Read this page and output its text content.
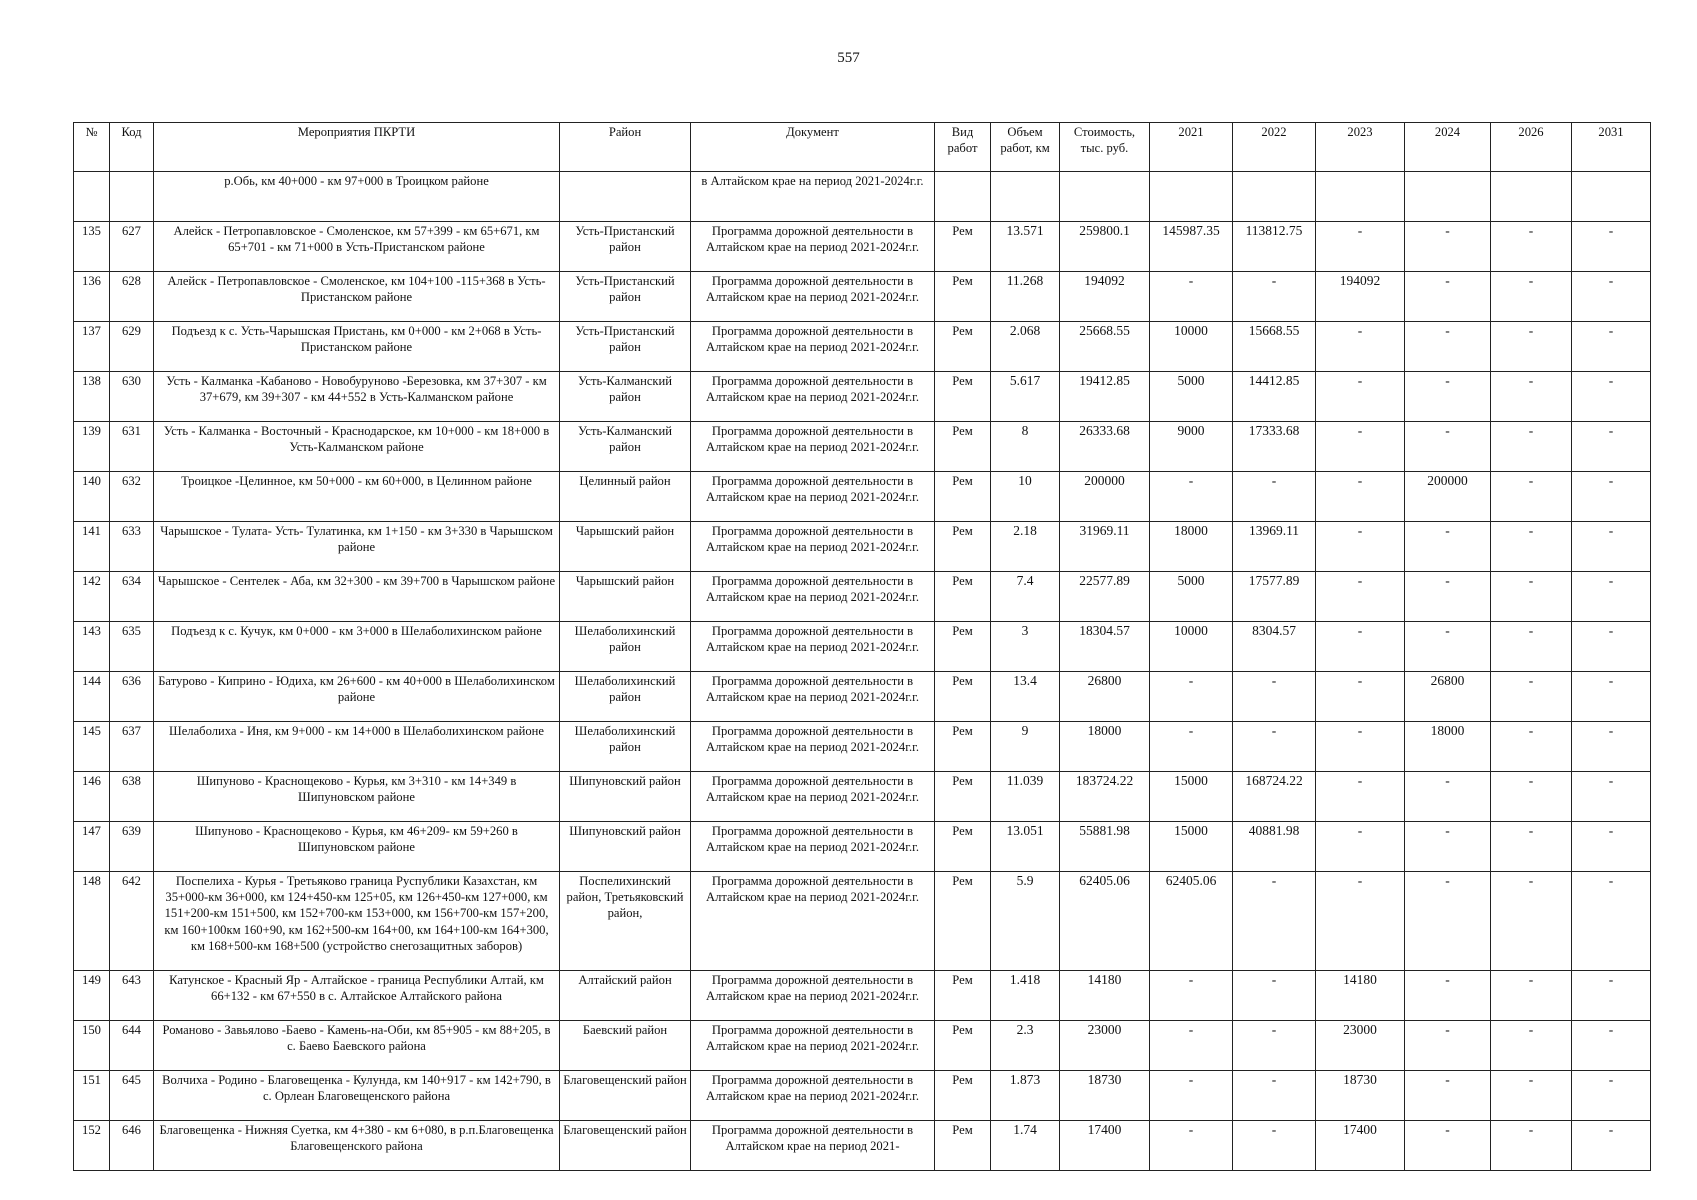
557
№	Код	Мероприятия ПКРТИ	Район	Документ	Вид работ	Объем работ, км	Стоимость, тыс. руб.	2021	2022	2023	2024	2026	2031
		р.Обь, км 40+000 - км 97+000 в Троицком районе		в Алтайском крае на период 2021-2024г.г.									
135	627	Алейск - Петропавловское - Смоленское, км 57+399 - км 65+671, км 65+701 - км 71+000 в Усть-Пристанском районе	Усть-Пристанский район	Программа дорожной деятельности в Алтайском крае на период 2021-2024г.г.	Рем	13.571	259800.1	145987.35	113812.75	-	-	-	-
136	628	Алейск - Петропавловское - Смоленское, км 104+100 -115+368 в Усть-Пристанском районе	Усть-Пристанский район	Программа дорожной деятельности в Алтайском крае на период 2021-2024г.г.	Рем	11.268	194092	-	-	194092	-	-	-
137	629	Подъезд к с. Усть-Чарышская Пристань, км 0+000 - км 2+068 в Усть-Пристанском районе	Усть-Пристанский район	Программа дорожной деятельности в Алтайском крае на период 2021-2024г.г.	Рем	2.068	25668.55	10000	15668.55	-	-	-	-
138	630	Усть - Калманка -Кабаново - Новобуруново -Березовка, км 37+307 - км 37+679, км 39+307 - км 44+552 в Усть-Калманском районе	Усть-Калманский район	Программа дорожной деятельности в Алтайском крае на период 2021-2024г.г.	Рем	5.617	19412.85	5000	14412.85	-	-	-	-
139	631	Усть - Калманка - Восточный - Краснодарское, км 10+000 - км 18+000 в Усть-Калманском районе	Усть-Калманский район	Программа дорожной деятельности в Алтайском крае на период 2021-2024г.г.	Рем	8	26333.68	9000	17333.68	-	-	-	-
140	632	Троицкое -Целинное, км 50+000 - км 60+000, в Целинном районе	Целинный район	Программа дорожной деятельности в Алтайском крае на период 2021-2024г.г.	Рем	10	200000	-	-	-	200000	-	-
141	633	Чарышское - Тулата- Усть- Тулатинка, км 1+150 - км 3+330 в Чарышском районе	Чарышский район	Программа дорожной деятельности в Алтайском крае на период 2021-2024г.г.	Рем	2.18	31969.11	18000	13969.11	-	-	-	-
142	634	Чарышское - Сентелек - Аба, км 32+300 - км 39+700 в Чарышском районе	Чарышский район	Программа дорожной деятельности в Алтайском крае на период 2021-2024г.г.	Рем	7.4	22577.89	5000	17577.89	-	-	-	-
143	635	Подъезд к с. Кучук, км 0+000 - км 3+000 в Шелаболихинском районе	Шелаболихинский район	Программа дорожной деятельности в Алтайском крае на период 2021-2024г.г.	Рем	3	18304.57	10000	8304.57	-	-	-	-
144	636	Батурово - Киприно - Юдиха, км 26+600 - км 40+000 в Шелаболихинском районе	Шелаболихинский район	Программа дорожной деятельности в Алтайском крае на период 2021-2024г.г.	Рем	13.4	26800	-	-	-	26800	-	-
145	637	Шелаболиха - Иня, км 9+000 - км 14+000 в Шелаболихинском районе	Шелаболихинский район	Программа дорожной деятельности в Алтайском крае на период 2021-2024г.г.	Рем	9	18000	-	-	-	18000	-	-
146	638	Шипуново - Краснощеково - Курья, км 3+310 - км 14+349 в Шипуновском районе	Шипуновский район	Программа дорожной деятельности в Алтайском крае на период 2021-2024г.г.	Рем	11.039	183724.22	15000	168724.22	-	-	-	-
147	639	Шипуново - Краснощеково - Курья, км 46+209- км 59+260 в Шипуновском районе	Шипуновский район	Программа дорожной деятельности в Алтайском крае на период 2021-2024г.г.	Рем	13.051	55881.98	15000	40881.98	-	-	-	-
148	642	Поспелиха - Курья - Третьяково граница Руспублики Казахстан, км 35+000-км 36+000, км 124+450-км 125+05, км 126+450-км 127+000, км 151+200-км 151+500, км 152+700-км 153+000, км 156+700-км 157+200, км 160+100км 160+90, км 162+500-км 164+00, км 164+100-км 164+300, км 168+500-км 168+500 (устройство снегозащитных заборов)	Поспелихинский район, Третьяковский район,	Программа дорожной деятельности в Алтайском крае на период 2021-2024г.г.	Рем	5.9	62405.06	62405.06	-	-	-	-	-
149	643	Катунское - Красный Яр - Алтайское - граница Республики Алтай, км 66+132 - км 67+550 в с. Алтайское Алтайского района	Алтайский район	Программа дорожной деятельности в Алтайском крае на период 2021-2024г.г.	Рем	1.418	14180	-	-	14180	-	-	-
150	644	Романово - Завьялово -Баево - Камень-на-Оби, км 85+905 - км 88+205, в с. Баево Баевского района	Баевский район	Программа дорожной деятельности в Алтайском крае на период 2021-2024г.г.	Рем	2.3	23000	-	-	23000	-	-	-
151	645	Волчиха - Родино - Благовещенка - Кулунда, км 140+917 - км 142+790, в с. Орлеан Благовещенского района	Благовещенский район	Программа дорожной деятельности в Алтайском крае на период 2021-2024г.г.	Рем	1.873	18730	-	-	18730	-	-	-
152	646	Благовещенка - Нижняя Суетка, км 4+380 - км 6+080, в р.п.Благовещенка Благовещенского района	Благовещенский район	Программа дорожной деятельности в Алтайском крае на период 2021-	Рем	1.74	17400	-	-	17400	-	-	-
